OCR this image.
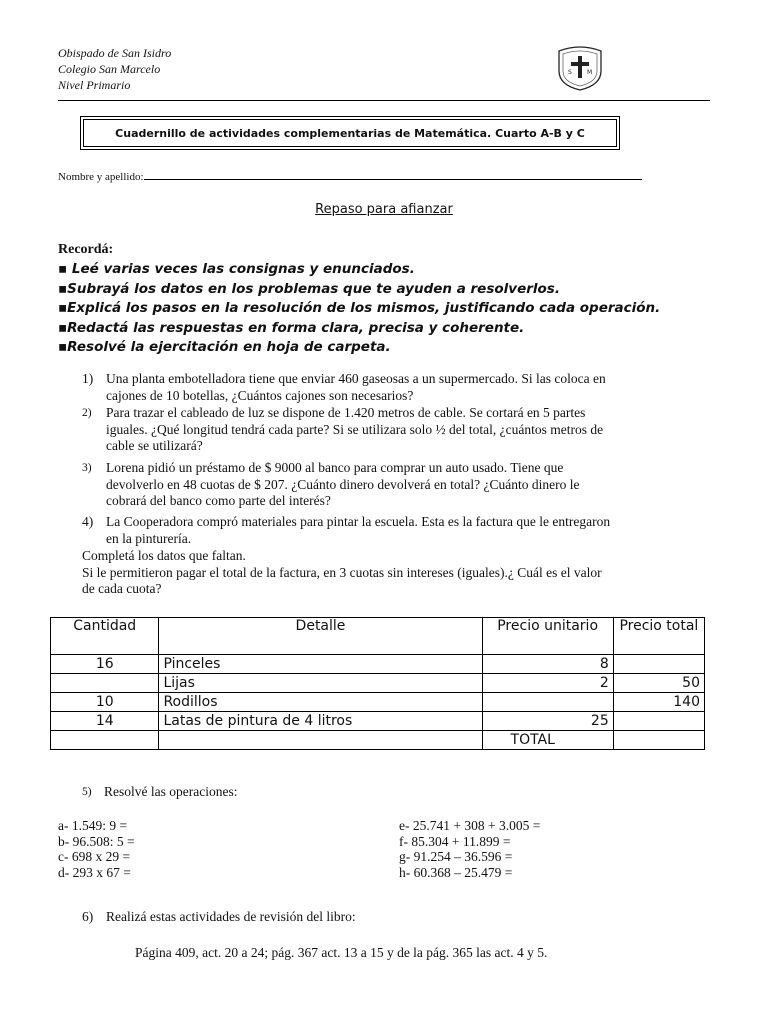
Obispado de San Isidro
Colegio San Marcelo
Nivel Primario
S	M
Cuadernillo de actividades complementarias de Matemática. Cuarto A-B y C
Nombre y apellido:
Repaso para afianzar
Recordá:
▪ Leé varias veces las consignas y enunciados.
▪Subrayá los datos en los problemas que te ayuden a resolverlos.
▪Explicá los pasos en la resolución de los mismos, justificando cada operación.
▪Redactá las respuestas en forma clara, precisa y coherente.
▪Resolvé la ejercitación en hoja de carpeta.
1) Una planta embotelladora tiene que enviar 460 gaseosas a un supermercado. Si las coloca en
cajones de 10 botellas, ¿Cuántos cajones son necesarios?
2) Para trazar el cableado de luz se dispone de 1.420 metros de cable. Se cortará en 5 partes
iguales. ¿Qué longitud tendrá cada parte? Si se utilizara solo ½ del total, ¿cuántos metros de
cable se utilizará?
3) Lorena pidió un préstamo de $ 9000 al banco para comprar un auto usado. Tiene que
devolverlo en 48 cuotas de $ 207. ¿Cuánto dinero devolverá en total? ¿Cuánto dinero le
cobrará del banco como parte del interés?
4) La Cooperadora compró materiales para pintar la escuela. Esta es la factura que le entregaron
en la pinturería.
Completá los datos que faltan.
Si le permitieron pagar el total de la factura, en 3 cuotas sin intereses (iguales).¿ Cuál es el valor
de cada cuota?
Cantidad	Detalle	Precio unitario	Precio total
16	Pinceles	8	
	Lijas	2	50
10	Rodillos		140
14	Latas de pintura de 4 litros	25	
		TOTAL	
5) Resolvé las operaciones:
a- 1.549: 9 =
b- 96.508: 5 =
c- 698 x 29 =
d- 293 x 67 =
e- 25.741 + 308 + 3.005 =
f- 85.304 + 11.899 =
g- 91.254 – 36.596 =
h- 60.368 – 25.479 =
6) Realizá estas actividades de revisión del libro:
Página 409, act. 20 a 24; pág. 367 act. 13 a 15 y de la pág. 365 las act. 4 y 5.
